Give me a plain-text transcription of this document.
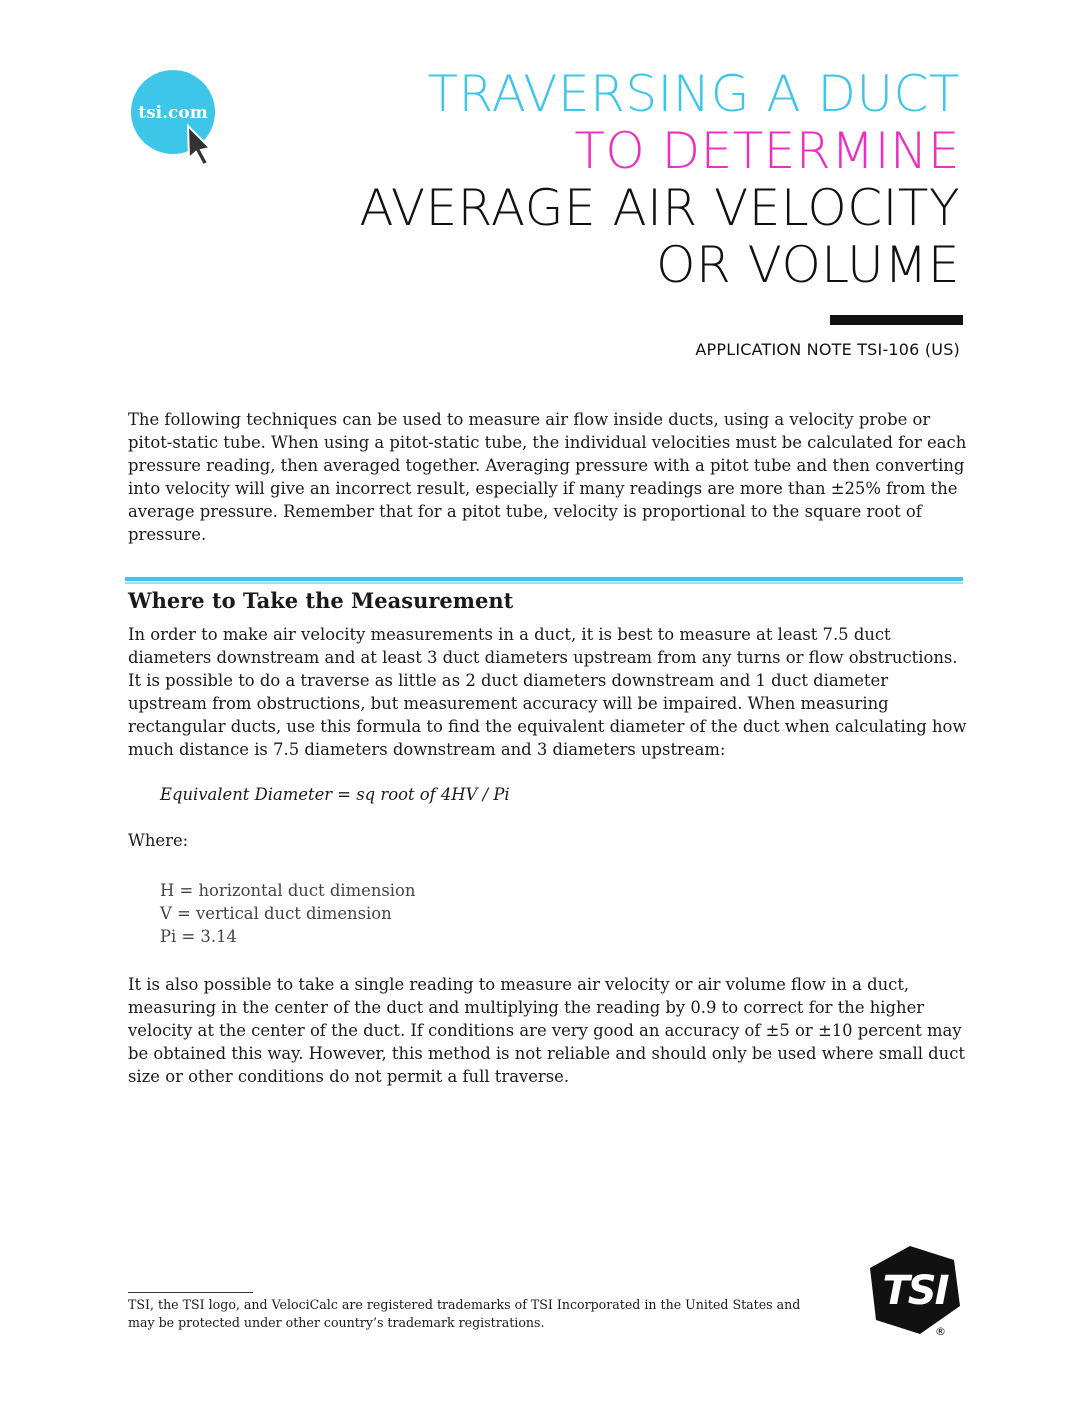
tsi.com	TRAVERSING A DUCT
TO DETERMINE
AVERAGE AIR VELOCITY
OR VOLUME
APPLICATION NOTE TSI-106 (US)

The following techniques can be used to measure air flow inside ducts, using a velocity probe or pitot-static tube. When using a pitot-static tube, the individual velocities must be calculated for each pressure reading, then averaged together. Averaging pressure with a pitot tube and then converting into velocity will give an incorrect result, especially if many readings are more than ±25% from the average pressure. Remember that for a pitot tube, velocity is proportional to the square root of pressure.

Where to Take the Measurement

In order to make air velocity measurements in a duct, it is best to measure at least 7.5 duct diameters downstream and at least 3 duct diameters upstream from any turns or flow obstructions. It is possible to do a traverse as little as 2 duct diameters downstream and 1 duct diameter upstream from obstructions, but measurement accuracy will be impaired. When measuring rectangular ducts, use this formula to find the equivalent diameter of the duct when calculating how much distance is 7.5 diameters downstream and 3 diameters upstream:

Equivalent Diameter = sq root of 4HV / Pi
Where:
H = horizontal duct dimension
V = vertical duct dimension
Pi = 3.14

It is also possible to take a single reading to measure air velocity or air volume flow in a duct, measuring in the center of the duct and multiplying the reading by 0.9 to correct for the higher velocity at the center of the duct. If conditions are very good an accuracy of ±5 or ±10 percent may be obtained this way. However, this method is not reliable and should only be used where small duct size or other conditions do not permit a full traverse.

TSI, the TSI logo, and VelociCalc are registered trademarks of TSI Incorporated in the United States and may be protected under other country’s trademark registrations.

TSI
®
